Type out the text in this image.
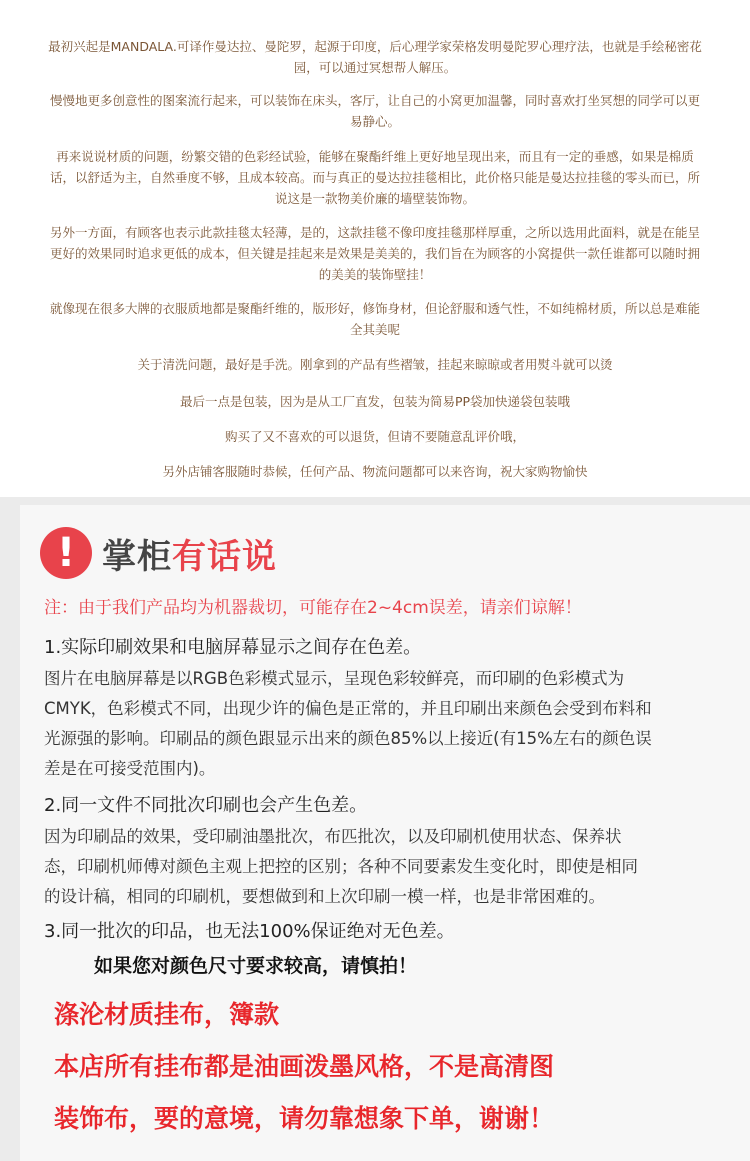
最初兴起是MANDALA.可译作曼达拉、曼陀罗，起源于印度，后心理学家荣格发明曼陀罗心理疗法，也就是手绘秘密花
园，可以通过冥想帮人解压。
慢慢地更多创意性的图案流行起来，可以装饰在床头，客厅，让自己的小窝更加温馨，同时喜欢打坐冥想的同学可以更
易静心。
再来说说材质的问题，纷繁交错的色彩经试验，能够在聚酯纤维上更好地呈现出来，而且有一定的垂感，如果是棉质
话，以舒适为主，自然垂度不够，且成本较高。而与真正的曼达拉挂毯相比，此价格只能是曼达拉挂毯的零头而已，所
说这是一款物美价廉的墙壁装饰物。
另外一方面，有顾客也表示此款挂毯太轻薄，是的，这款挂毯不像印度挂毯那样厚重，之所以选用此面料，就是在能呈
更好的效果同时追求更低的成本，但关键是挂起来是效果是美美的，我们旨在为顾客的小窝提供一款任谁都可以随时拥
的美美的装饰壁挂！
就像现在很多大牌的衣服质地都是聚酯纤维的，版形好，修饰身材，但论舒服和透气性，不如纯棉材质，所以总是难能
全其美呢
关于清洗问题，最好是手洗。刚拿到的产品有些褶皱，挂起来晾晾或者用熨斗就可以烫
最后一点是包装，因为是从工厂直发，包装为简易PP袋加快递袋包装哦
购买了又不喜欢的可以退货，但请不要随意乱评价哦，
另外店铺客服随时恭候，任何产品、物流问题都可以来咨询，祝大家购物愉快
! 掌柜有话说
注：由于我们产品均为机器裁切，可能存在2~4cm误差，请亲们谅解！
1.实际印刷效果和电脑屏幕显示之间存在色差。
图片在电脑屏幕是以RGB色彩模式显示，呈现色彩较鲜亮，而印刷的色彩模式为
CMYK，色彩模式不同，出现少许的偏色是正常的，并且印刷出来颜色会受到布料和
光源强的影响。印刷品的颜色跟显示出来的颜色85%以上接近(有15%左右的颜色误
差是在可接受范围内)。
2.同一文件不同批次印刷也会产生色差。
因为印刷品的效果，受印刷油墨批次，布匹批次，以及印刷机使用状态、保养状
态，印刷机师傅对颜色主观上把控的区别；各种不同要素发生变化时，即使是相同
的设计稿，相同的印刷机，要想做到和上次印刷一模一样，也是非常困难的。
3.同一批次的印品，也无法100%保证绝对无色差。
如果您对颜色尺寸要求较高，请慎拍！
涤沦材质挂布，簿款
本店所有挂布都是油画泼墨风格，不是高清图
装饰布，要的意境，请勿靠想象下单，谢谢！
